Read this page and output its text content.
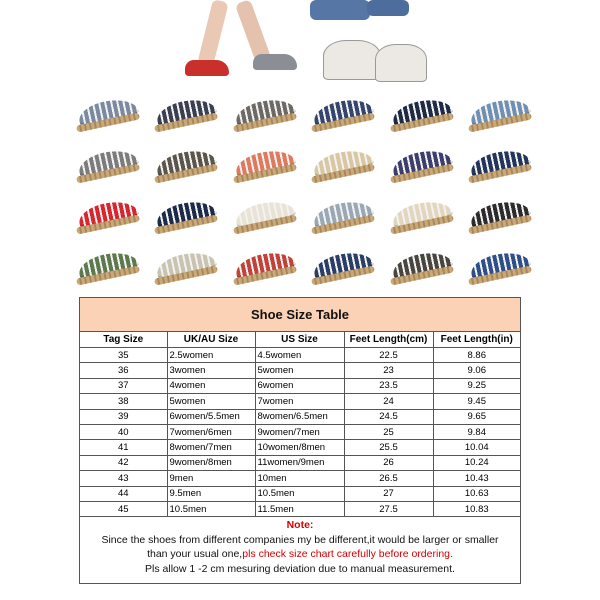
Shoe Size Table
Tag Size	UK/AU Size	US Size	Feet Length(cm)	Feet Length(in)
35	2.5women	4.5women	22.5	8.86
36	3women	5women	23	9.06
37	4women	6women	23.5	9.25
38	5women	7women	24	9.45
39	6women/5.5men	8women/6.5men	24.5	9.65
40	7women/6men	9women/7men	25	9.84
41	8women/7men	10women/8men	25.5	10.04
42	9women/8men	11women/9men	26	10.24
43	9men	10men	26.5	10.43
44	9.5men	10.5men	27	10.63
45	10.5men	11.5men	27.5	10.83
Note:
Since the shoes from different companies my be different,it would be larger or smaller
than your usual one,pls check size chart carefully before ordering.
Pls allow 1 -2 cm mesuring deviation due to manual measurement.
